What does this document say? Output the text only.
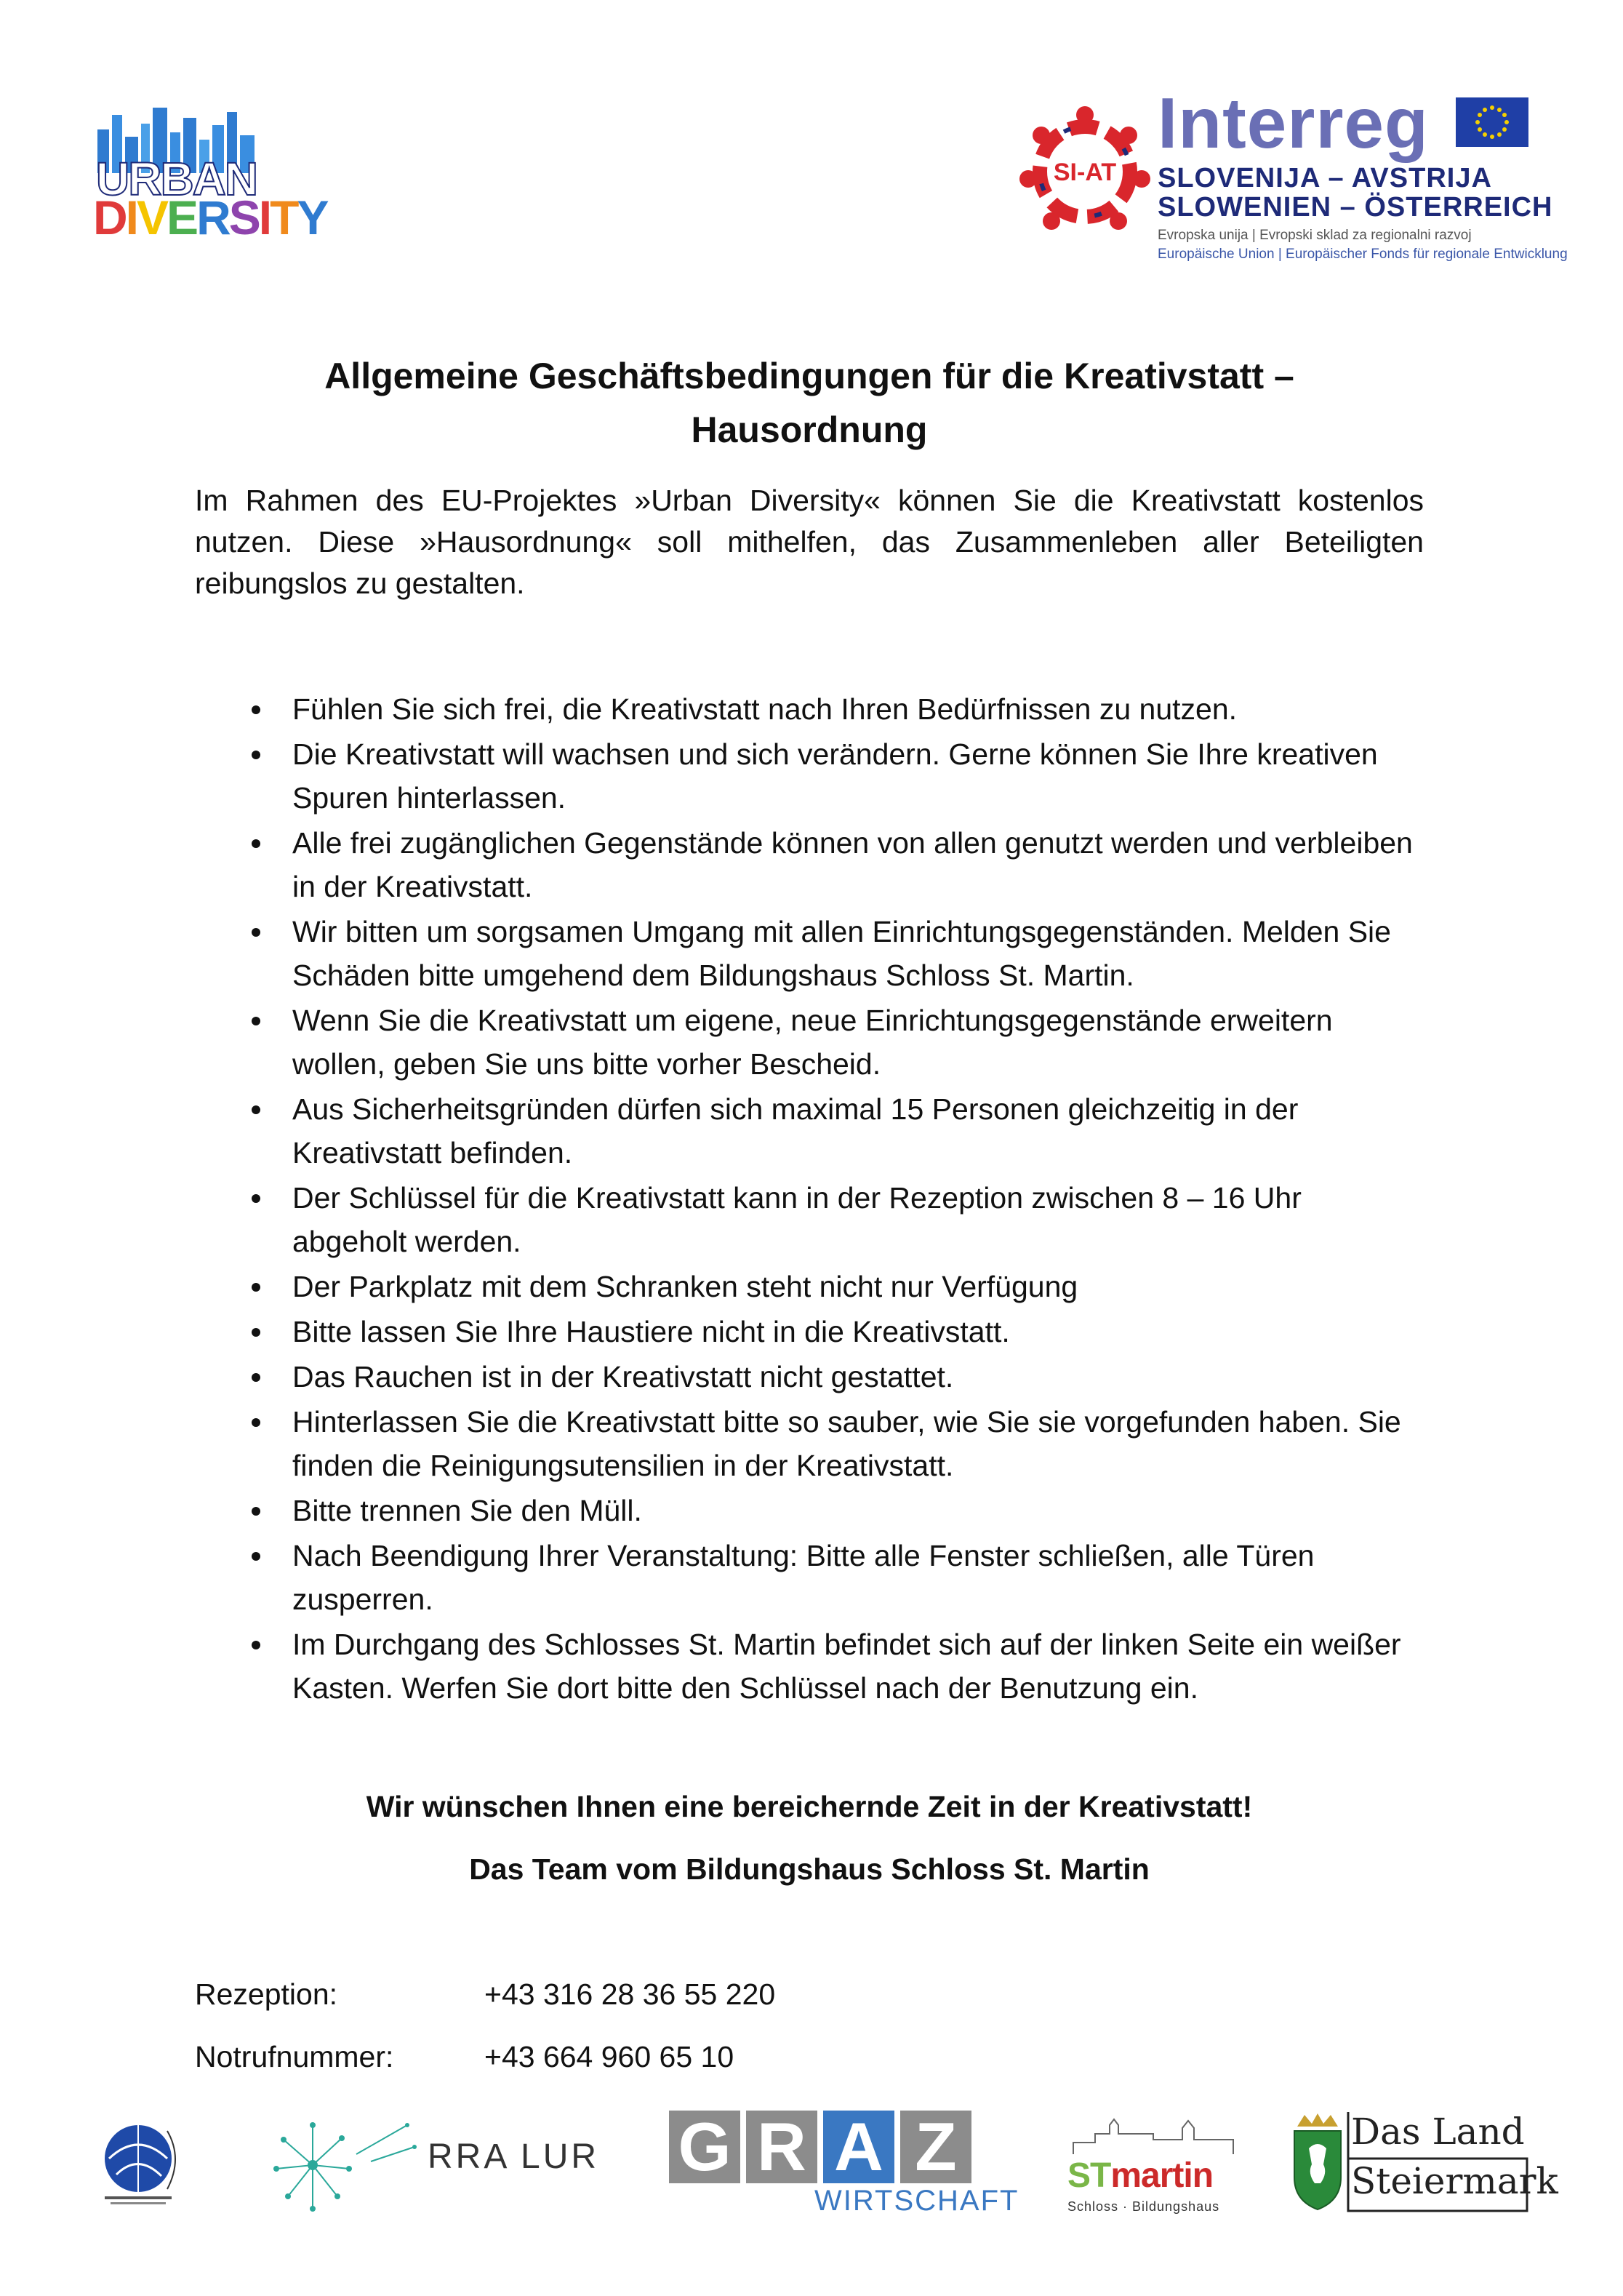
URBAN
DIVERSITY
SI-AT
Interreg
SLOVENIJA – AVSTRIJA
SLOWENIEN – ÖSTERREICH
Evropska unija | Evropski sklad za regionalni razvoj
Europäische Union | Europäischer Fonds für regionale Entwicklung
Allgemeine Geschäftsbedingungen für die Kreativstatt –
Hausordnung

Im Rahmen des EU-Projektes »Urban Diversity« können Sie die Kreativstatt kostenlos nutzen. Diese »Hausordnung« soll mithelfen, das Zusammenleben aller Beteiligten reibungslos zu gestalten.

Fühlen Sie sich frei, die Kreativstatt nach Ihren Bedürfnissen zu nutzen.
Die Kreativstatt will wachsen und sich verändern. Gerne können Sie Ihre kreativen Spuren hinterlassen.
Alle frei zugänglichen Gegenstände können von allen genutzt werden und verbleiben in der Kreativstatt.
Wir bitten um sorgsamen Umgang mit allen Einrichtungsgegenständen. Melden Sie Schäden bitte umgehend dem Bildungshaus Schloss St. Martin.
Wenn Sie die Kreativstatt um eigene, neue Einrichtungsgegenstände erweitern wollen, geben Sie uns bitte vorher Bescheid.
Aus Sicherheitsgründen dürfen sich maximal 15 Personen gleichzeitig in der Kreativstatt befinden.
Der Schlüssel für die Kreativstatt kann in der Rezeption zwischen 8 – 16 Uhr abgeholt werden.
Der Parkplatz mit dem Schranken steht nicht nur Verfügung
Bitte lassen Sie Ihre Haustiere nicht in die Kreativstatt.
Das Rauchen ist in der Kreativstatt nicht gestattet.
Hinterlassen Sie die Kreativstatt bitte so sauber, wie Sie sie vorgefunden haben. Sie finden die Reinigungsutensilien in der Kreativstatt.
Bitte trennen Sie den Müll.
Nach Beendigung Ihrer Veranstaltung: Bitte alle Fenster schließen, alle Türen zusperren.
Im Durchgang des Schlosses St. Martin befindet sich auf der linken Seite ein weißer Kasten. Werfen Sie dort bitte den Schlüssel nach der Benutzung ein.
Wir wünschen Ihnen eine bereichernde Zeit in der Kreativstatt!
Das Team vom Bildungshaus Schloss St. Martin
Rezeption:	+43 316 28 36 55 220
Notrufnummer:	+43 664 960 65 10
RRA LUR G R A Z
WIRTSCHAFT
STmartin
Schloss · Bildungshaus
Das Land
Steiermark
